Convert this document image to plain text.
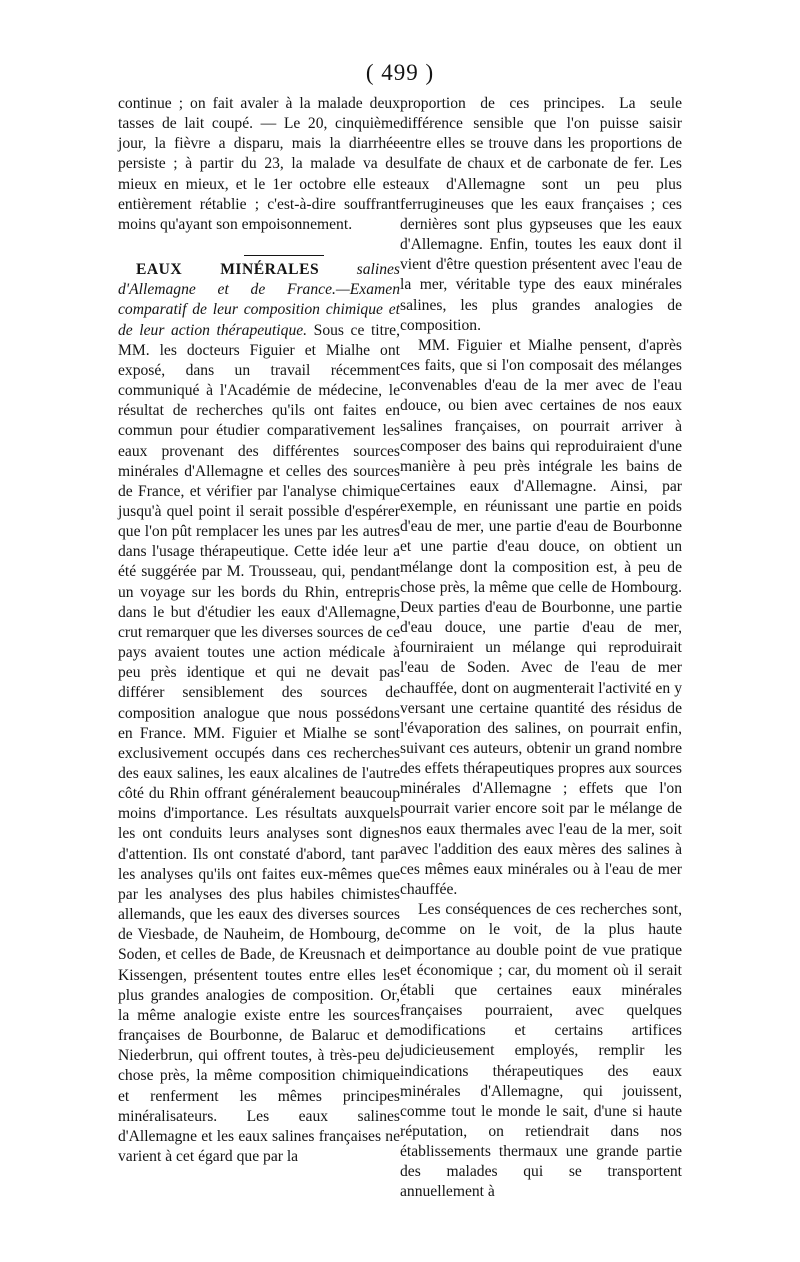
( 499 )

continue ; on fait avaler à la malade deux tasses de lait coupé. — Le 20, cinquième jour, la fièvre a disparu, mais la diarrhée persiste ; à partir du 23, la malade va de mieux en mieux, et le 1er octobre elle est entièrement rétablie ; c'est-à-dire souffrant moins qu'ayant son empoisonnement.

EAUX MINÉRALES salines d'Allemagne et de France.—Examen comparatif de leur composition chimique et de leur action thérapeutique. Sous ce titre, MM. les docteurs Figuier et Mialhe ont exposé, dans un travail récemment communiqué à l'Académie de médecine, le résultat de recherches qu'ils ont faites en commun pour étudier comparativement les eaux provenant des différentes sources minérales d'Allemagne et celles des sources de France, et vérifier par l'analyse chimique jusqu'à quel point il serait possible d'espérer que l'on pût remplacer les unes par les autres dans l'usage thérapeutique. Cette idée leur a été suggérée par M. Trousseau, qui, pendant un voyage sur les bords du Rhin, entrepris dans le but d'étudier les eaux d'Allemagne, crut remarquer que les diverses sources de ce pays avaient toutes une action médicale à peu près identique et qui ne devait pas différer sensiblement des sources de composition analogue que nous possédons en France. MM. Figuier et Mialhe se sont exclusivement occupés dans ces recherches des eaux salines, les eaux alcalines de l'autre côté du Rhin offrant généralement beaucoup moins d'importance. Les résultats auxquels les ont conduits leurs analyses sont dignes d'attention. Ils ont constaté d'abord, tant par les analyses qu'ils ont faites eux-mêmes que par les analyses des plus habiles chimistes allemands, que les eaux des diverses sources de Viesbade, de Nauheim, de Hombourg, de Soden, et celles de Bade, de Kreusnach et de Kissengen, présentent toutes entre elles les plus grandes analogies de composition. Or, la même analogie existe entre les sources françaises de Bourbonne, de Balaruc et de Niederbrun, qui offrent toutes, à très-peu de chose près, la même composition chimique et renferment les mêmes principes minéralisateurs. Les eaux salines d'Allemagne et les eaux salines françaises ne varient à cet égard que par la

proportion de ces principes. La seule différence sensible que l'on puisse saisir entre elles se trouve dans les proportions de sulfate de chaux et de carbonate de fer. Les eaux d'Allemagne sont un peu plus ferrugineuses que les eaux françaises ; ces dernières sont plus gypseuses que les eaux d'Allemagne. Enfin, toutes les eaux dont il vient d'être question présentent avec l'eau de la mer, véritable type des eaux minérales salines, les plus grandes analogies de composition.

MM. Figuier et Mialhe pensent, d'après ces faits, que si l'on composait des mélanges convenables d'eau de la mer avec de l'eau douce, ou bien avec certaines de nos eaux salines françaises, on pourrait arriver à composer des bains qui reproduiraient d'une manière à peu près intégrale les bains de certaines eaux d'Allemagne. Ainsi, par exemple, en réunissant une partie en poids d'eau de mer, une partie d'eau de Bourbonne et une partie d'eau douce, on obtient un mélange dont la composition est, à peu de chose près, la même que celle de Hombourg. Deux parties d'eau de Bourbonne, une partie d'eau douce, une partie d'eau de mer, fourniraient un mélange qui reproduirait l'eau de Soden. Avec de l'eau de mer chauffée, dont on augmenterait l'activité en y versant une certaine quantité des résidus de l'évaporation des salines, on pourrait enfin, suivant ces auteurs, obtenir un grand nombre des effets thérapeutiques propres aux sources minérales d'Allemagne ; effets que l'on pourrait varier encore soit par le mélange de nos eaux thermales avec l'eau de la mer, soit avec l'addition des eaux mères des salines à ces mêmes eaux minérales ou à l'eau de mer chauffée.

Les conséquences de ces recherches sont, comme on le voit, de la plus haute importance au double point de vue pratique et économique ; car, du moment où il serait établi que certaines eaux minérales françaises pourraient, avec quelques modifications et certains artifices judicieusement employés, remplir les indications thérapeutiques des eaux minérales d'Allemagne, qui jouissent, comme tout le monde le sait, d'une si haute réputation, on retiendrait dans nos établissements thermaux une grande partie des malades qui se transportent annuellement à
